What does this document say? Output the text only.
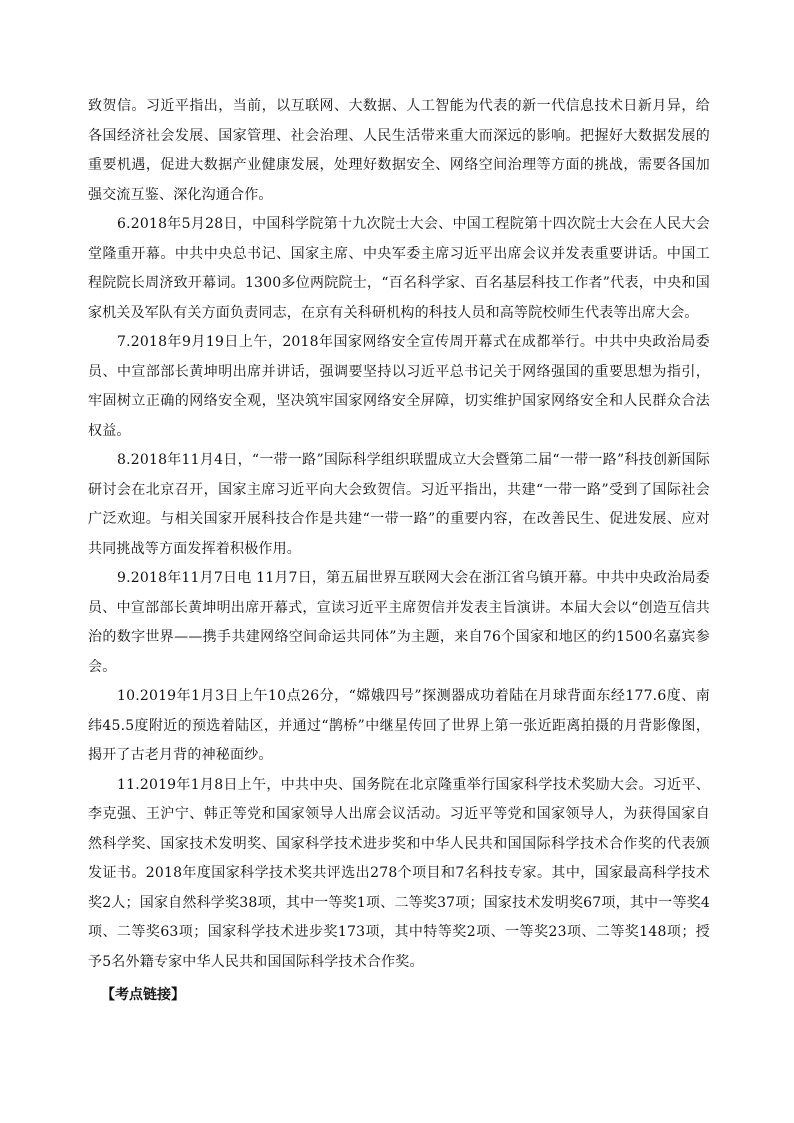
致贺信。习近平指出，当前，以互联网、大数据、人工智能为代表的新一代信息技术日新月异，给各国经济社会发展、国家管理、社会治理、人民生活带来重大而深远的影响。把握好大数据发展的重要机遇，促进大数据产业健康发展，处理好数据安全、网络空间治理等方面的挑战，需要各国加强交流互鉴、深化沟通合作。

6.2018年5月28日，中国科学院第十九次院士大会、中国工程院第十四次院士大会在人民大会堂隆重开幕。中共中央总书记、国家主席、中央军委主席习近平出席会议并发表重要讲话。中国工程院院长周济致开幕词。1300多位两院院士，“百名科学家、百名基层科技工作者”代表，中央和国家机关及军队有关方面负责同志，在京有关科研机构的科技人员和高等院校师生代表等出席大会。

7.2018年9月19日上午，2018年国家网络安全宣传周开幕式在成都举行。中共中央政治局委员、中宣部部长黄坤明出席并讲话，强调要坚持以习近平总书记关于网络强国的重要思想为指引，牢固树立正确的网络安全观，坚决筑牢国家网络安全屏障，切实维护国家网络安全和人民群众合法权益。

8.2018年11月4日，“一带一路”国际科学组织联盟成立大会暨第二届“一带一路”科技创新国际研讨会在北京召开，国家主席习近平向大会致贺信。习近平指出，共建“一带一路”受到了国际社会广泛欢迎。与相关国家开展科技合作是共建“一带一路”的重要内容，在改善民生、促进发展、应对共同挑战等方面发挥着积极作用。

9.2018年11月7日电 11月7日，第五届世界互联网大会在浙江省乌镇开幕。中共中央政治局委员、中宣部部长黄坤明出席开幕式，宣读习近平主席贺信并发表主旨演讲。本届大会以“创造互信共治的数字世界——携手共建网络空间命运共同体”为主题，来自76个国家和地区的约1500名嘉宾参会。

10.2019年1月3日上午10点26分，“嫦娥四号”探测器成功着陆在月球背面东经177.6度、南纬45.5度附近的预选着陆区，并通过“鹊桥”中继星传回了世界上第一张近距离拍摄的月背影像图，揭开了古老月背的神秘面纱。

11.2019年1月8日上午，中共中央、国务院在北京隆重举行国家科学技术奖励大会。习近平、李克强、王沪宁、韩正等党和国家领导人出席会议活动。习近平等党和国家领导人，为获得国家自然科学奖、国家技术发明奖、国家科学技术进步奖和中华人民共和国国际科学技术合作奖的代表颁发证书。2018年度国家科学技术奖共评选出278个项目和7名科技专家。其中，国家最高科学技术奖2人；国家自然科学奖38项，其中一等奖1项、二等奖37项；国家技术发明奖67项，其中一等奖4项、二等奖63项；国家科学技术进步奖173项，其中特等奖2项、一等奖23项、二等奖148项；授予5名外籍专家中华人民共和国国际科学技术合作奖。

【考点链接】
